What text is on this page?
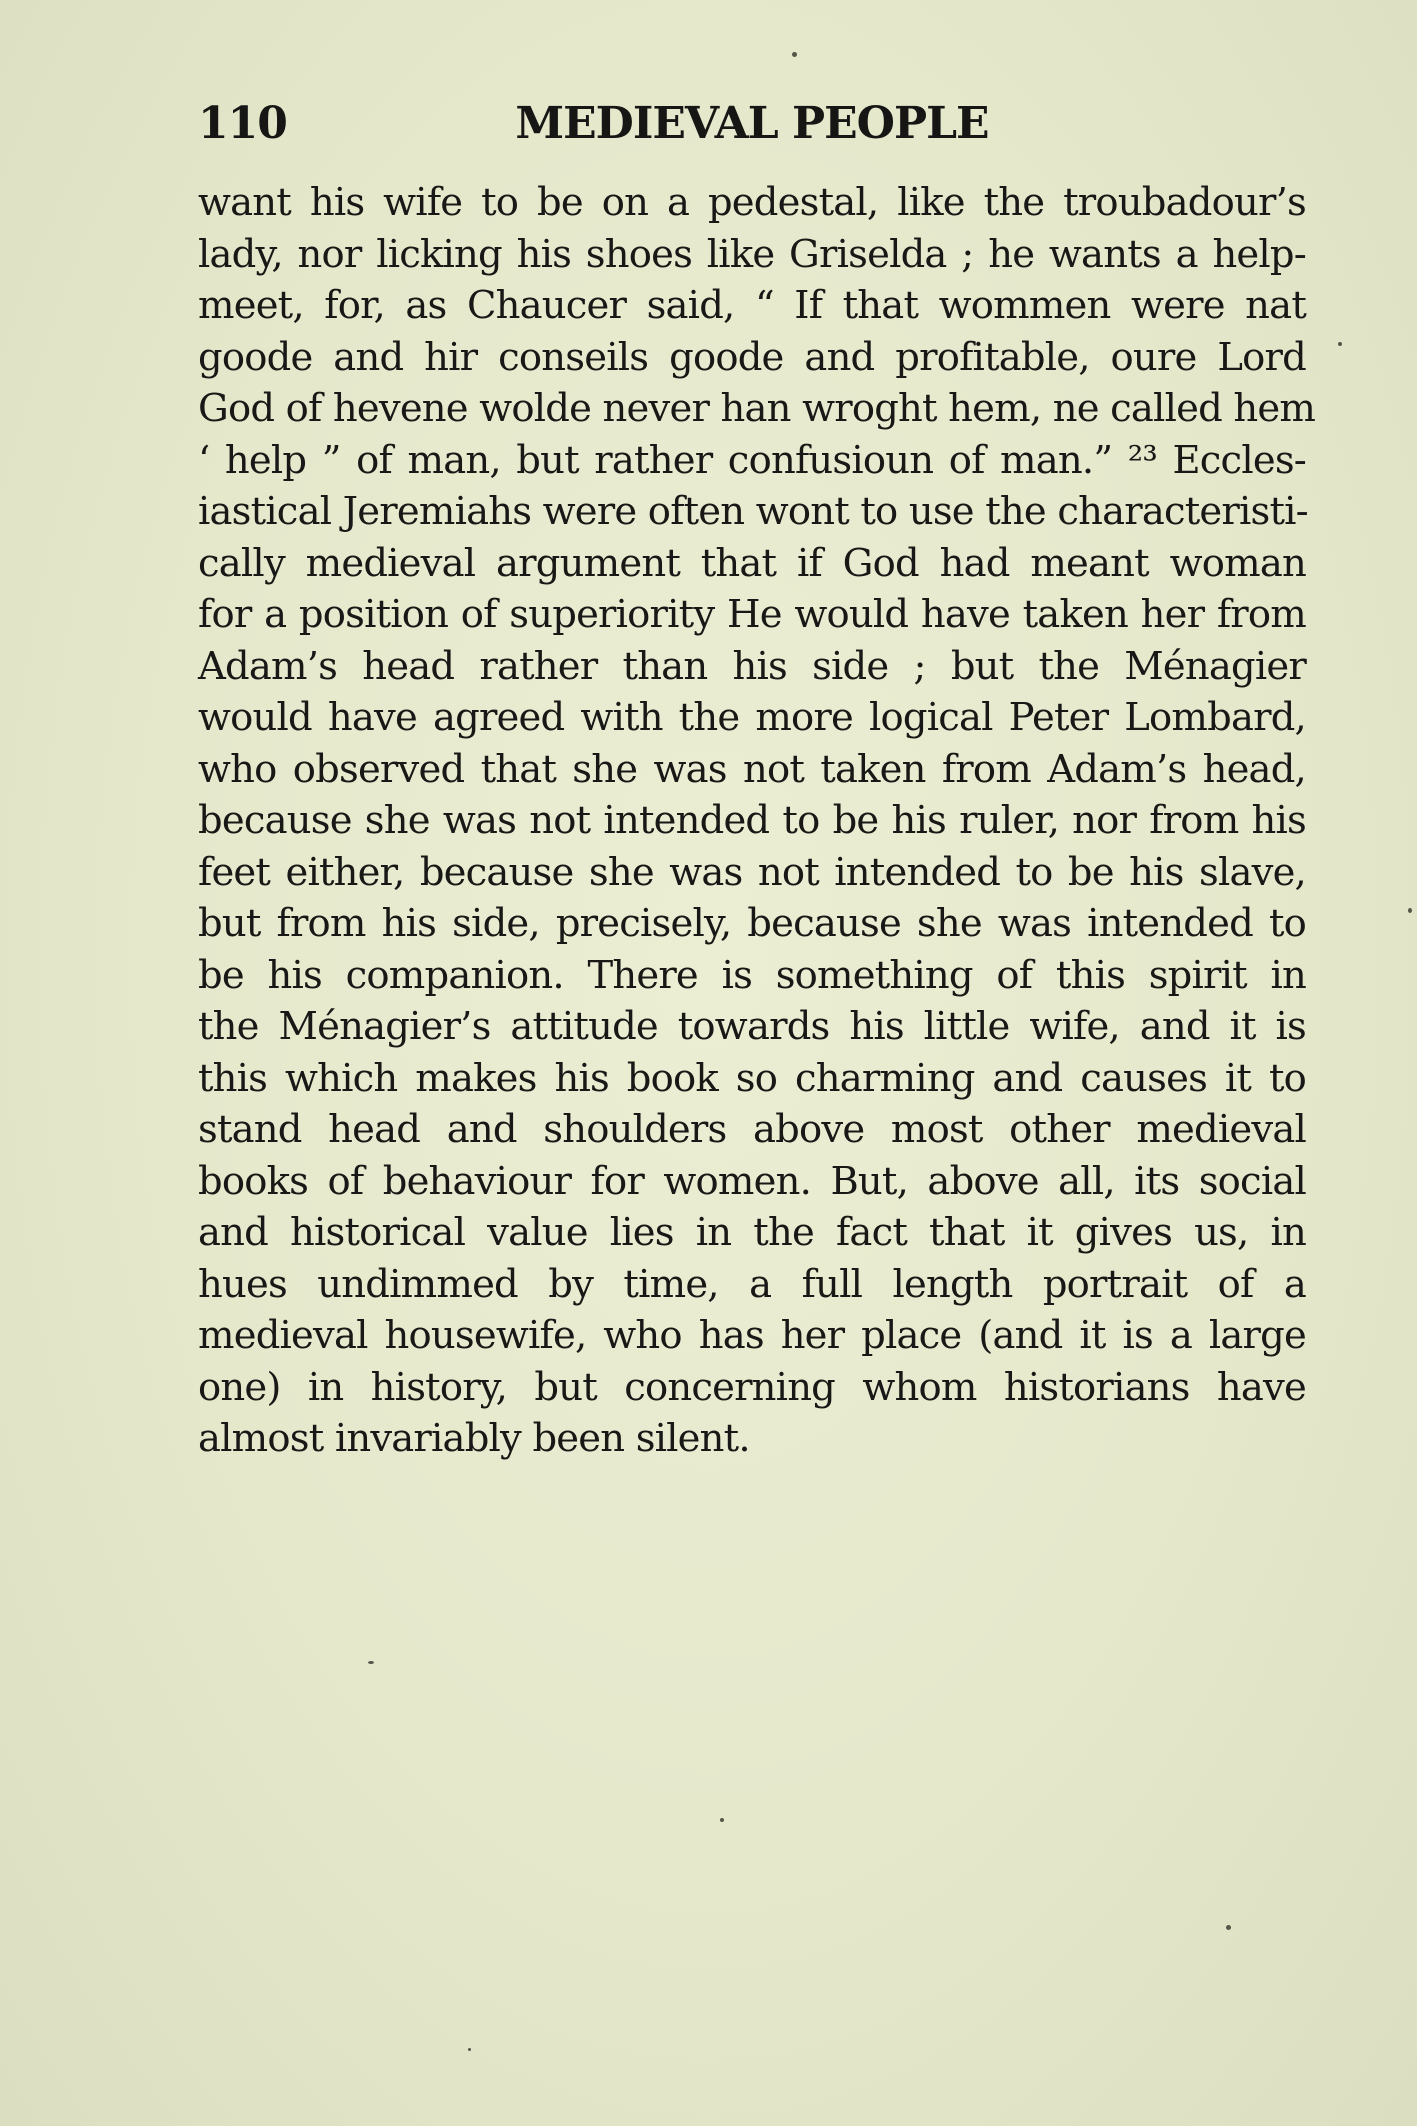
110	MEDIEVAL PEOPLE
want his wife to be on a pedestal, like the troubadour’s
lady, nor licking his shoes like Griselda ; he wants a help-
meet, for, as Chaucer said, “ If that wommen were nat
goode and hir conseils goode and profitable, oure Lord
God of hevene wolde never han wroght hem, ne called hem
‘ help ” of man, but rather confusioun of man.” ²³ Eccles-
iastical Jeremiahs were often wont to use the characteristi-
cally medieval argument that if God had meant woman
for a position of superiority He would have taken her from
Adam’s head rather than his side ; but the Ménagier
would have agreed with the more logical Peter Lombard,
who observed that she was not taken from Adam’s head,
because she was not intended to be his ruler, nor from his
feet either, because she was not intended to be his slave,
but from his side, precisely, because she was intended to
be his companion. There is something of this spirit in
the Ménagier’s attitude towards his little wife, and it is
this which makes his book so charming and causes it to
stand head and shoulders above most other medieval
books of behaviour for women. But, above all, its social
and historical value lies in the fact that it gives us, in
hues undimmed by time, a full length portrait of a
medieval housewife, who has her place (and it is a large
one) in history, but concerning whom historians have
almost invariably been silent.
